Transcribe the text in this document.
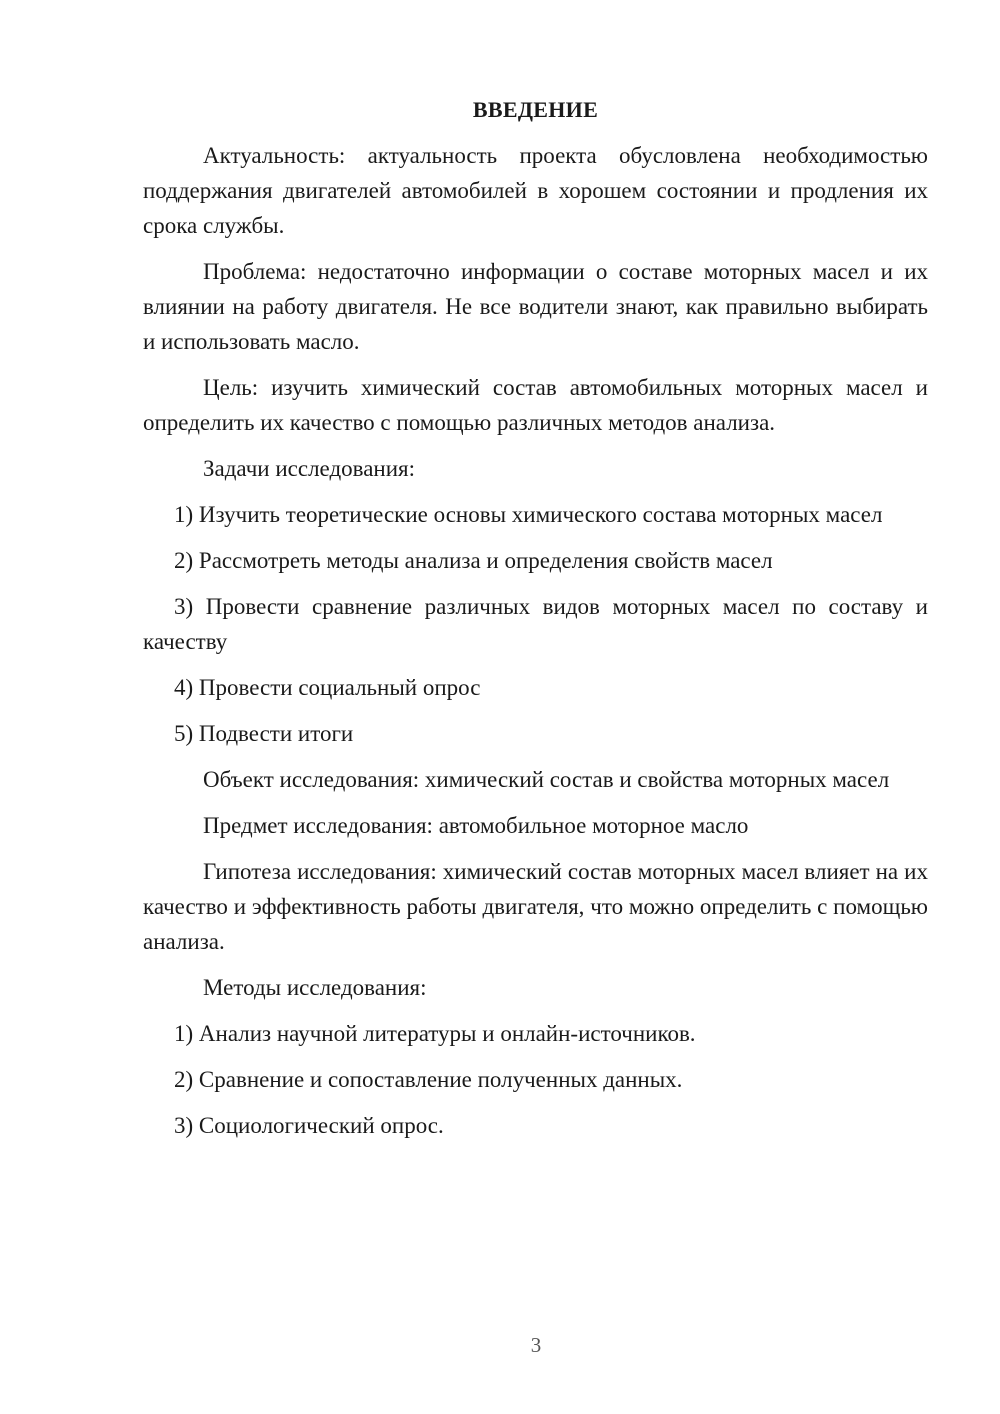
ВВЕДЕНИЕ

Актуальность: актуальность проекта обусловлена необходимостью поддержания двигателей автомобилей в хорошем состоянии и продления их срока службы.

Проблема: недостаточно информации о составе моторных масел и их влиянии на работу двигателя. Не все водители знают, как правильно выбирать и использовать масло.

Цель: изучить химический состав автомобильных моторных масел и определить их качество с помощью различных методов анализа.

Задачи исследования:

1) Изучить теоретические основы химического состава моторных масел

2) Рассмотреть методы анализа и определения свойств масел

3) Провести сравнение различных видов моторных масел по составу и качеству

4) Провести социальный опрос

5) Подвести итоги

Объект исследования: химический состав и свойства моторных масел

Предмет исследования: автомобильное моторное масло

Гипотеза исследования: химический состав моторных масел влияет на их качество и эффективность работы двигателя, что можно определить с помощью анализа.

Методы исследования:

1) Анализ научной литературы и онлайн-источников.

2) Сравнение и сопоставление полученных данных.

3) Социологический опрос.

3
